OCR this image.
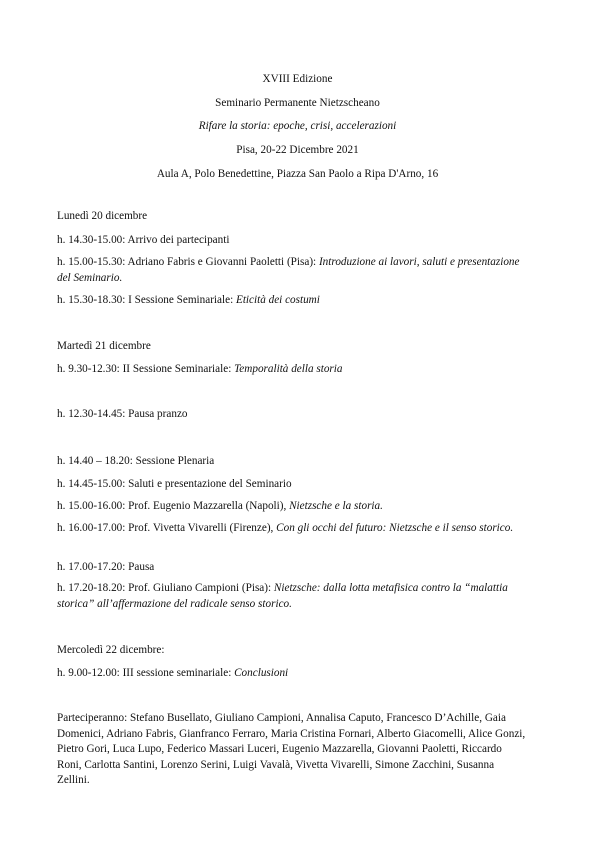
XVIII Edizione
Seminario Permanente Nietzscheano
Rifare la storia: epoche, crisi, accelerazioni
Pisa, 20-22 Dicembre 2021
Aula A, Polo Benedettine, Piazza San Paolo a Ripa D'Arno, 16
Lunedì 20 dicembre
h. 14.30-15.00: Arrivo dei partecipanti
h. 15.00-15.30: Adriano Fabris e Giovanni Paoletti (Pisa): Introduzione ai lavori, saluti e presentazione del Seminario.
h. 15.30-18.30: I Sessione Seminariale: Eticità dei costumi
Martedì 21 dicembre
h. 9.30-12.30: II Sessione Seminariale: Temporalità della storia
h. 12.30-14.45: Pausa pranzo
h. 14.40 – 18.20: Sessione Plenaria
h. 14.45-15.00: Saluti e presentazione del Seminario
h. 15.00-16.00: Prof. Eugenio Mazzarella (Napoli), Nietzsche e la storia.
h. 16.00-17.00: Prof. Vivetta Vivarelli (Firenze), Con gli occhi del futuro: Nietzsche e il senso storico.
h. 17.00-17.20: Pausa
h. 17.20-18.20: Prof. Giuliano Campioni (Pisa): Nietzsche: dalla lotta metafisica contro la “malattia storica” all’affermazione del radicale senso storico.
Mercoledì 22 dicembre:
h. 9.00-12.00: III sessione seminariale: Conclusioni
Parteciperanno: Stefano Busellato, Giuliano Campioni, Annalisa Caputo, Francesco D’Achille, Gaia Domenici, Adriano Fabris, Gianfranco Ferraro, Maria Cristina Fornari, Alberto Giacomelli, Alice Gonzi, Pietro Gori, Luca Lupo, Federico Massari Luceri, Eugenio Mazzarella, Giovanni Paoletti, Riccardo Roni, Carlotta Santini, Lorenzo Serini, Luigi Vavalà, Vivetta Vivarelli, Simone Zacchini, Susanna Zellini.
